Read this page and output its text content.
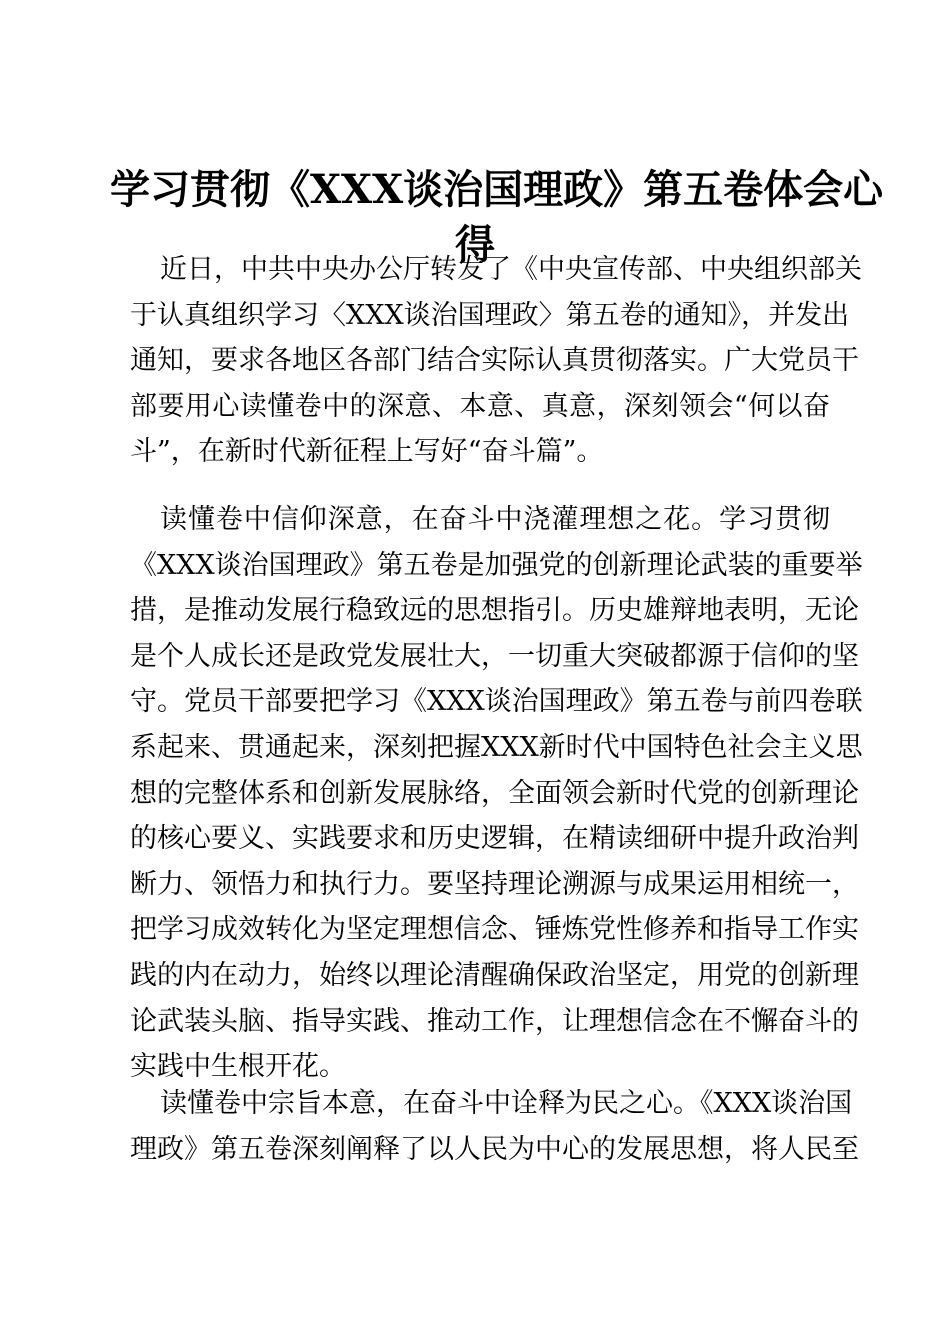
学习贯彻《XXX谈治国理政》第五卷体会心
得
近日，中共中央办公厅转发了《中央宣传部、中央组织部关
于认真组织学习〈XXX谈治国理政〉第五卷的通知》，并发出
通知，要求各地区各部门结合实际认真贯彻落实。广大党员干
部要用心读懂卷中的深意、本意、真意，深刻领会“何以奋
斗”，在新时代新征程上写好“奋斗篇”。
读懂卷中信仰深意，在奋斗中浇灌理想之花。学习贯彻
《XXX谈治国理政》第五卷是加强党的创新理论武装的重要举
措，是推动发展行稳致远的思想指引。历史雄辩地表明，无论
是个人成长还是政党发展壮大，一切重大突破都源于信仰的坚
守。党员干部要把学习《XXX谈治国理政》第五卷与前四卷联
系起来、贯通起来，深刻把握XXX新时代中国特色社会主义思
想的完整体系和创新发展脉络，全面领会新时代党的创新理论
的核心要义、实践要求和历史逻辑，在精读细研中提升政治判
断力、领悟力和执行力。要坚持理论溯源与成果运用相统一，
把学习成效转化为坚定理想信念、锤炼党性修养和指导工作实
践的内在动力，始终以理论清醒确保政治坚定，用党的创新理
论武装头脑、指导实践、推动工作，让理想信念在不懈奋斗的
实践中生根开花。
读懂卷中宗旨本意，在奋斗中诠释为民之心。《XXX谈治国
理政》第五卷深刻阐释了以人民为中心的发展思想，将人民至
